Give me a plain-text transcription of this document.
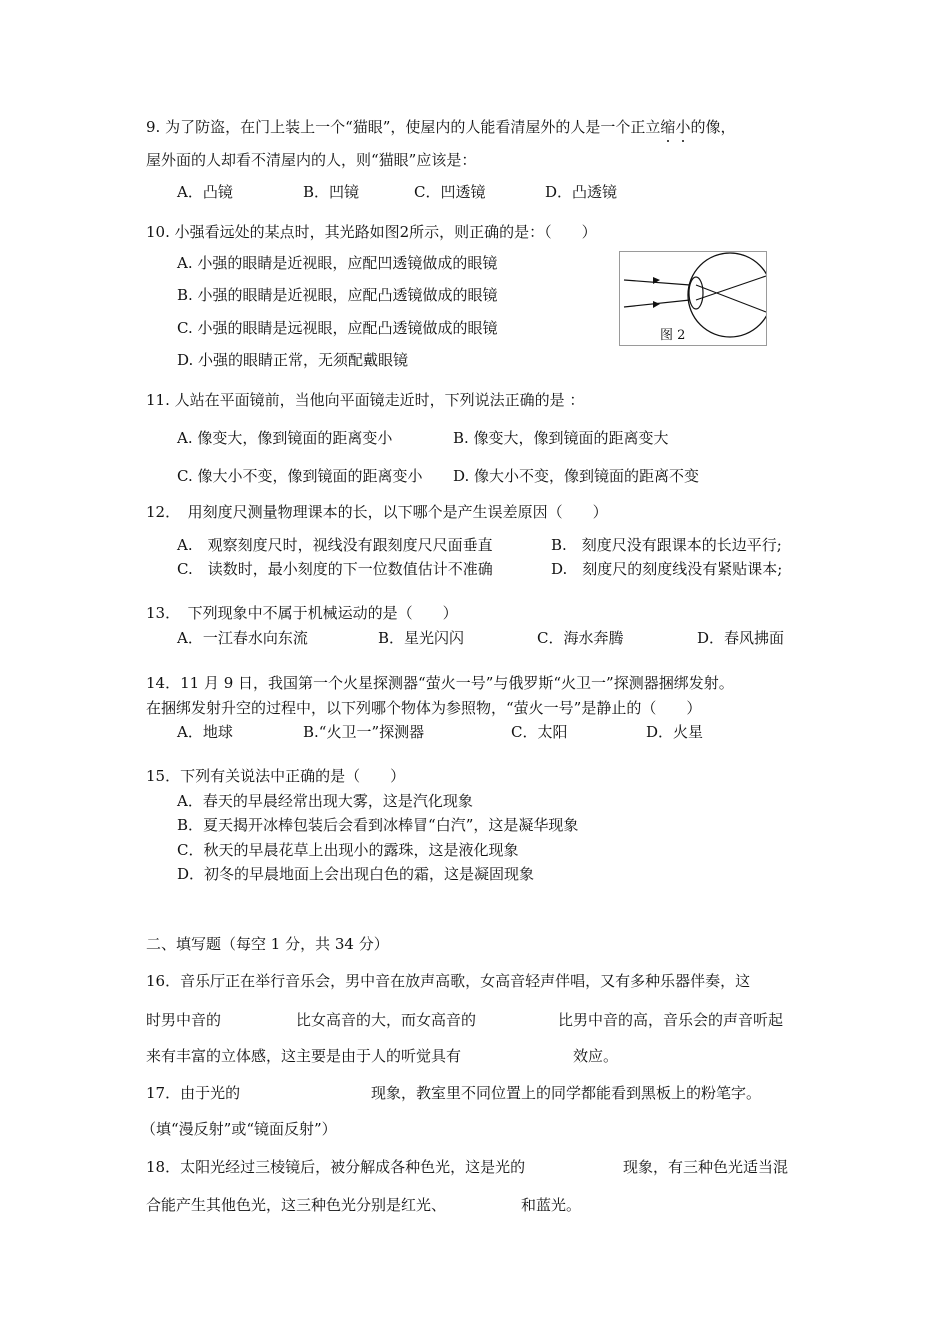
9. 为了防盗，在门上装上一个“猫眼”，使屋内的人能看清屋外的人是一个正立缩小的像，
屋外面的人却看不清屋内的人，则“猫眼”应该是：
A．凸镜	B．凹镜	C．凹透镜	D．凸透镜
10. 小强看远处的某点时，其光路如图2所示，则正确的是：（　　）
A. 小强的眼睛是近视眼，应配凹透镜做成的眼镜
B. 小强的眼睛是近视眼，应配凸透镜做成的眼镜
C. 小强的眼睛是远视眼，应配凸透镜做成的眼镜
D. 小强的眼睛正常，无须配戴眼镜
图 2
11. 人站在平面镜前，当他向平面镜走近时，下列说法正确的是 ：
A. 像变大，像到镜面的距离变小	B. 像变大，像到镜面的距离变大
C. 像大小不变，像到镜面的距离变小 D. 像大小不变，像到镜面的距离不变
12．　用刻度尺测量物理课本的长，以下哪个是产生误差原因（　　）
A.　观察刻度尺时，视线没有跟刻度尺尺面垂直	B.　刻度尺没有跟课本的长边平行;
C.　读数时，最小刻度的下一位数值估计不准确	D.　刻度尺的刻度线没有紧贴课本;
13．　下列现象中不属于机械运动的是（　　）
A．一江春水向东流	B．星光闪闪	C．海水奔腾	D．春风拂面
14．11 月 9 日，我国第一个火星探测器“萤火一号”与俄罗斯“火卫一”探测器捆绑发射。
在捆绑发射升空的过程中，以下列哪个物体为参照物，“萤火一号”是静止的（　　）
A．地球	B.“火卫一”探测器	C．太阳	D．火星
15．下列有关说法中正确的是（　　）
A．春天的早晨经常出现大雾，这是汽化现象
B．夏天揭开冰棒包装后会看到冰棒冒“白汽”，这是凝华现象
C．秋天的早晨花草上出现小的露珠，这是液化现象
D．初冬的早晨地面上会出现白色的霜，这是凝固现象
二、填写题（每空 1 分，共 34 分）
16．音乐厅正在举行音乐会，男中音在放声高歌，女高音轻声伴唱，又有多种乐器伴奏，这
时男中音的	比女高音的大，而女高音的	比男中音的高，音乐会的声音听起
来有丰富的立体感，这主要是由于人的听觉具有	效应。
17．由于光的	现象，教室里不同位置上的同学都能看到黑板上的粉笔字。
（填“漫反射”或“镜面反射”）
18．太阳光经过三棱镜后，被分解成各种色光，这是光的	现象，有三种色光适当混
合能产生其他色光，这三种色光分别是红光、	和蓝光。
